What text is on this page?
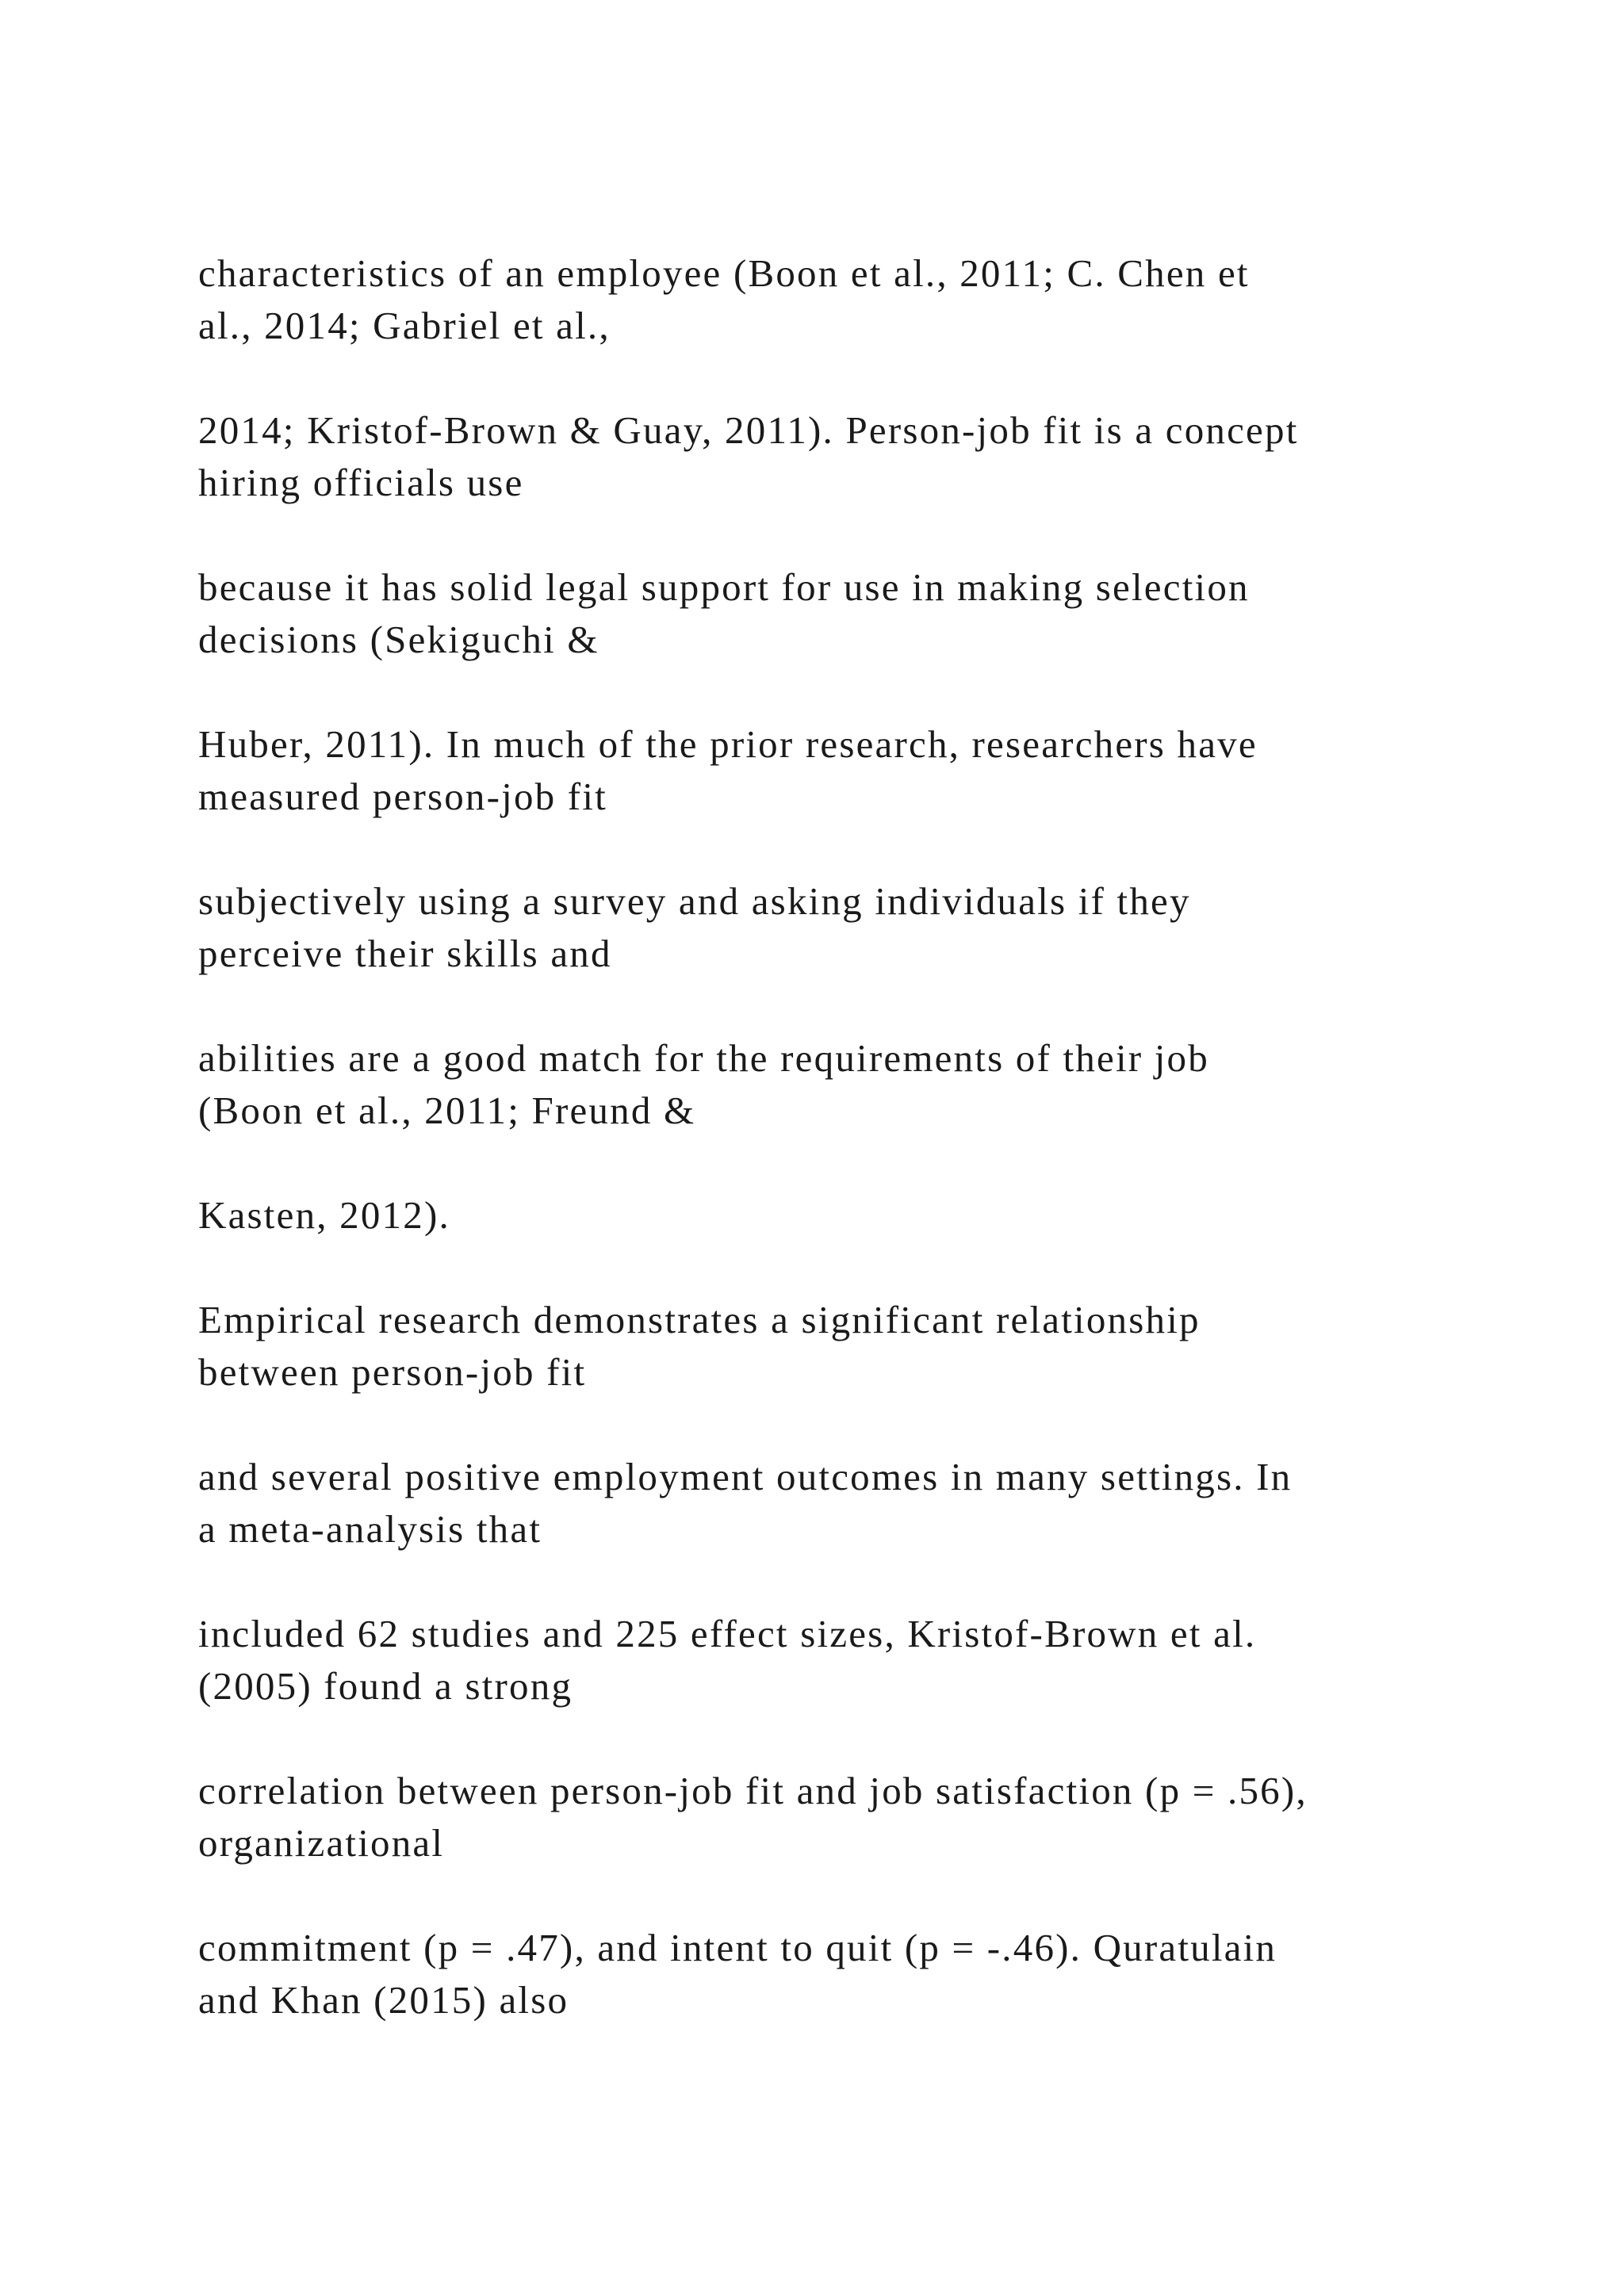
characteristics of an employee (Boon et al., 2011; C. Chen et
al., 2014; Gabriel et al.,

2014; Kristof-Brown & Guay, 2011). Person-job fit is a concept
hiring officials use

because it has solid legal support for use in making selection
decisions (Sekiguchi &

Huber, 2011). In much of the prior research, researchers have
measured person-job fit

subjectively using a survey and asking individuals if they
perceive their skills and

abilities are a good match for the requirements of their job
(Boon et al., 2011; Freund &

Kasten, 2012).

Empirical research demonstrates a significant relationship
between person-job fit

and several positive employment outcomes in many settings. In
a meta-analysis that

included 62 studies and 225 effect sizes, Kristof-Brown et al.
(2005) found a strong

correlation between person-job fit and job satisfaction (p = .56),
organizational

commitment (p = .47), and intent to quit (p = -.46). Quratulain
and Khan (2015) also
